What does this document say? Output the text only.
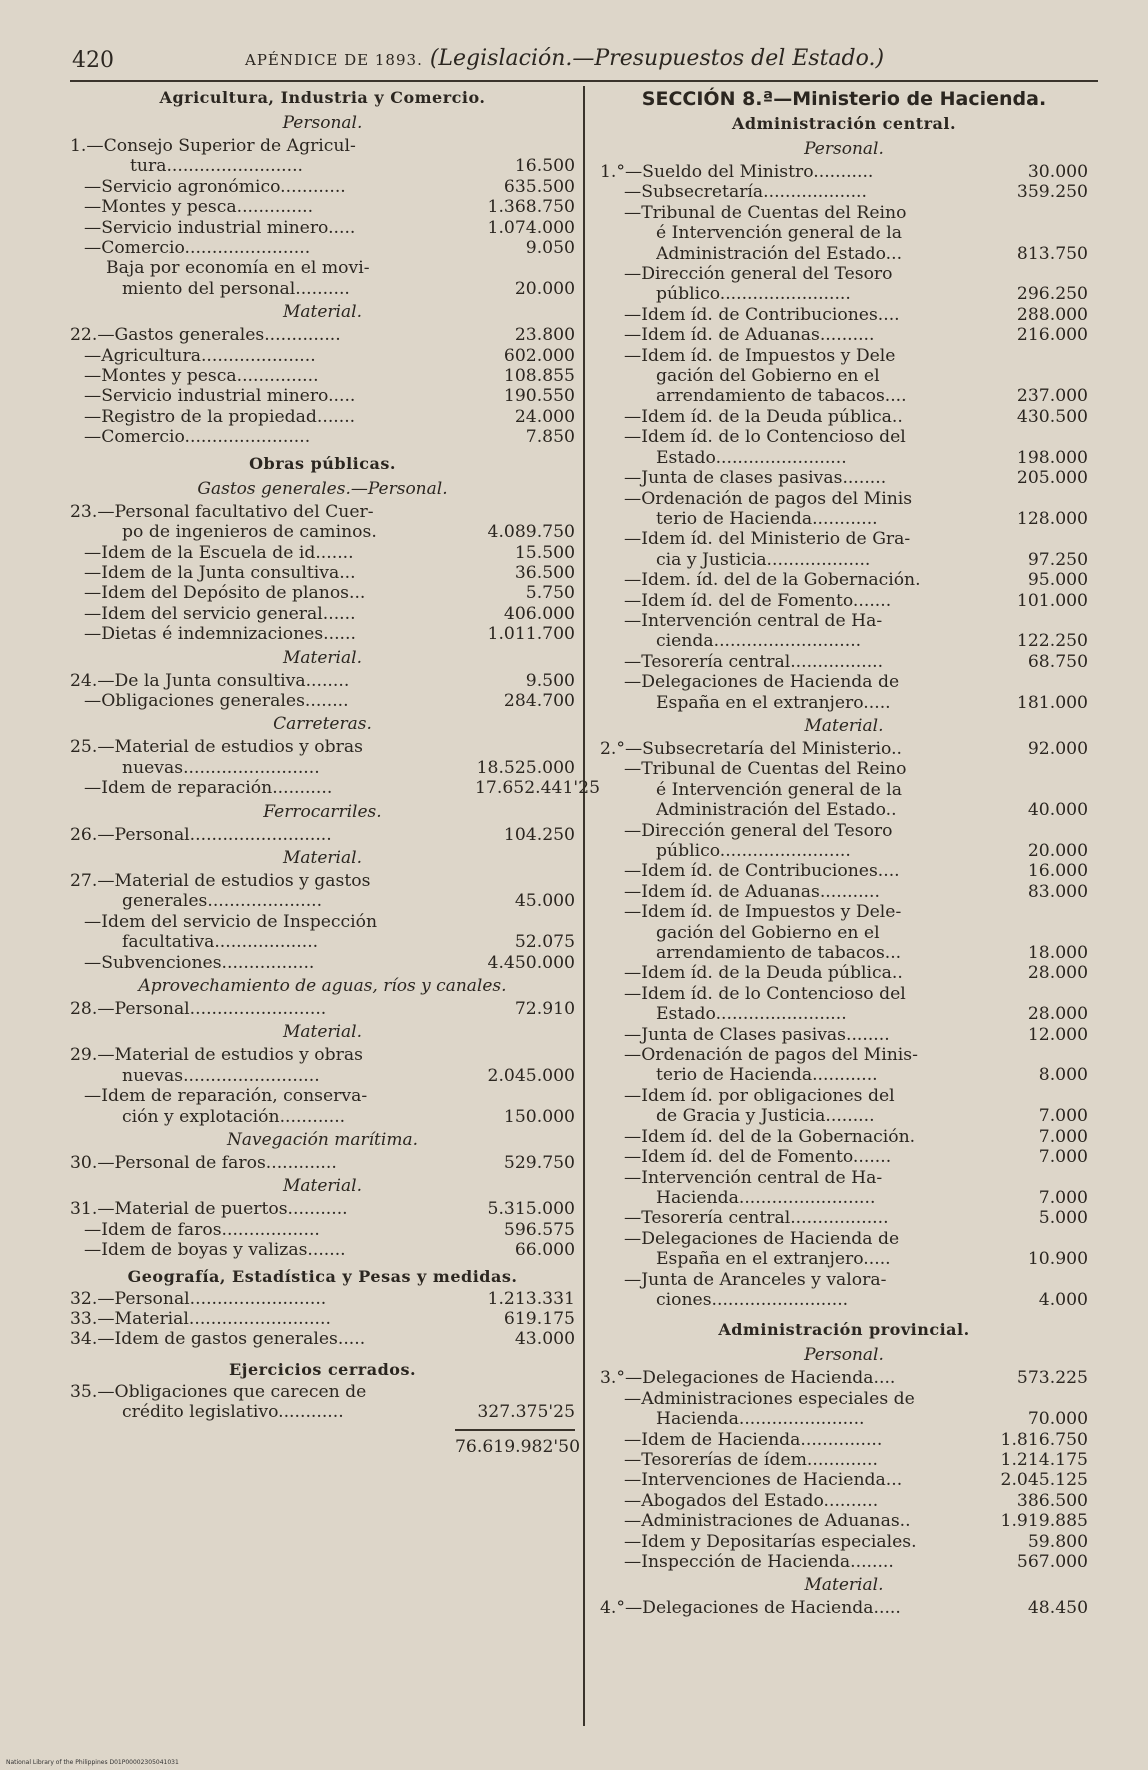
420	APÉNDICE DE 1893. (Legislación.—Presupuestos del Estado.)
Agricultura, Industria y Comercio.
Personal.
1.—Consejo Superior de Agricul-
tura.........................	16.500
—Servicio agronómico............	635.500
—Montes y pesca..............	1.368.750
—Servicio industrial minero.....	1.074.000
—Comercio.......................	9.050
Baja por economía en el movi-
miento del personal..........	20.000
Material.
22.—Gastos generales..............	23.800
—Agricultura.....................	602.000
—Montes y pesca...............	108.855
—Servicio industrial minero.....	190.550
—Registro de la propiedad.......	24.000
—Comercio.......................	7.850
Obras públicas.
Gastos generales.—Personal.
23.—Personal facultativo del Cuer-
po de ingenieros de caminos.	4.089.750
—Idem de la Escuela de id.......	15.500
—Idem de la Junta consultiva...	36.500
—Idem del Depósito de planos...	5.750
—Idem del servicio general......	406.000
—Dietas é indemnizaciones......	1.011.700
Material.
24.—De la Junta consultiva........	9.500
—Obligaciones generales........	284.700
Carreteras.
25.—Material de estudios y obras
nuevas.........................	18.525.000
—Idem de reparación...........	17.652.441'25
Ferrocarriles.
26.—Personal..........................	104.250
Material.
27.—Material de estudios y gastos
generales.....................	45.000
—Idem del servicio de Inspección
facultativa...................	52.075
—Subvenciones.................	4.450.000
Aprovechamiento de aguas, ríos y canales.
28.—Personal.........................	72.910
Material.
29.—Material de estudios y obras
nuevas.........................	2.045.000
—Idem de reparación, conserva-
ción y explotación............	150.000
Navegación marítima.
30.—Personal de faros.............	529.750
Material.
31.—Material de puertos...........	5.315.000
—Idem de faros..................	596.575
—Idem de boyas y valizas.......	66.000
Geografía, Estadística y Pesas y medidas.
32.—Personal.........................	1.213.331
33.—Material..........................	619.175
34.—Idem de gastos generales.....	43.000
Ejercicios cerrados.
35.—Obligaciones que carecen de
crédito legislativo............	327.375'25
76.619.982'50
SECCIÓN 8.ª—Ministerio de Hacienda.
Administración central.
Personal.
1.°—Sueldo del Ministro...........	30.000
—Subsecretaría...................	359.250
—Tribunal de Cuentas del Reino
é Intervención general de la
Administración del Estado...	813.750
—Dirección general del Tesoro
público........................	296.250
—Idem íd. de Contribuciones....	288.000
—Idem íd. de Aduanas..........	216.000
—Idem íd. de Impuestos y Dele
gación del Gobierno en el
arrendamiento de tabacos....	237.000
—Idem íd. de la Deuda pública..	430.500
—Idem íd. de lo Contencioso del
Estado........................	198.000
—Junta de clases pasivas........	205.000
—Ordenación de pagos del Minis
terio de Hacienda............	128.000
—Idem íd. del Ministerio de Gra-
cia y Justicia...................	97.250
—Idem. íd. del de la Gobernación.	95.000
—Idem íd. del de Fomento.......	101.000
—Intervención central de Ha-
cienda...........................	122.250
—Tesorería central.................	68.750
—Delegaciones de Hacienda de
España en el extranjero.....	181.000
Material.
2.°—Subsecretaría del Ministerio..	92.000
—Tribunal de Cuentas del Reino
é Intervención general de la
Administración del Estado..	40.000
—Dirección general del Tesoro
público........................	20.000
—Idem íd. de Contribuciones....	16.000
—Idem íd. de Aduanas...........	83.000
—Idem íd. de Impuestos y Dele-
gación del Gobierno en el
arrendamiento de tabacos...	18.000
—Idem íd. de la Deuda pública..	28.000
—Idem íd. de lo Contencioso del
Estado........................	28.000
—Junta de Clases pasivas........	12.000
—Ordenación de pagos del Minis-
terio de Hacienda............	8.000
—Idem íd. por obligaciones del
de Gracia y Justicia.........	7.000
—Idem íd. del de la Gobernación.	7.000
—Idem íd. del de Fomento.......	7.000
—Intervención central de Ha-
Hacienda.........................	7.000
—Tesorería central..................	5.000
—Delegaciones de Hacienda de
España en el extranjero.....	10.900
—Junta de Aranceles y valora-
ciones.........................	4.000
Administración provincial.
Personal.
3.°—Delegaciones de Hacienda....	573.225
—Administraciones especiales de
Hacienda.......................	70.000
—Idem de Hacienda...............	1.816.750
—Tesorerías de ídem.............	1.214.175
—Intervenciones de Hacienda...	2.045.125
—Abogados del Estado..........	386.500
—Administraciones de Aduanas..	1.919.885
—Idem y Depositarías especiales.	59.800
—Inspección de Hacienda........	567.000
Material.
4.°—Delegaciones de Hacienda.....	48.450
National Library of the Philippines D01P00002305041031
